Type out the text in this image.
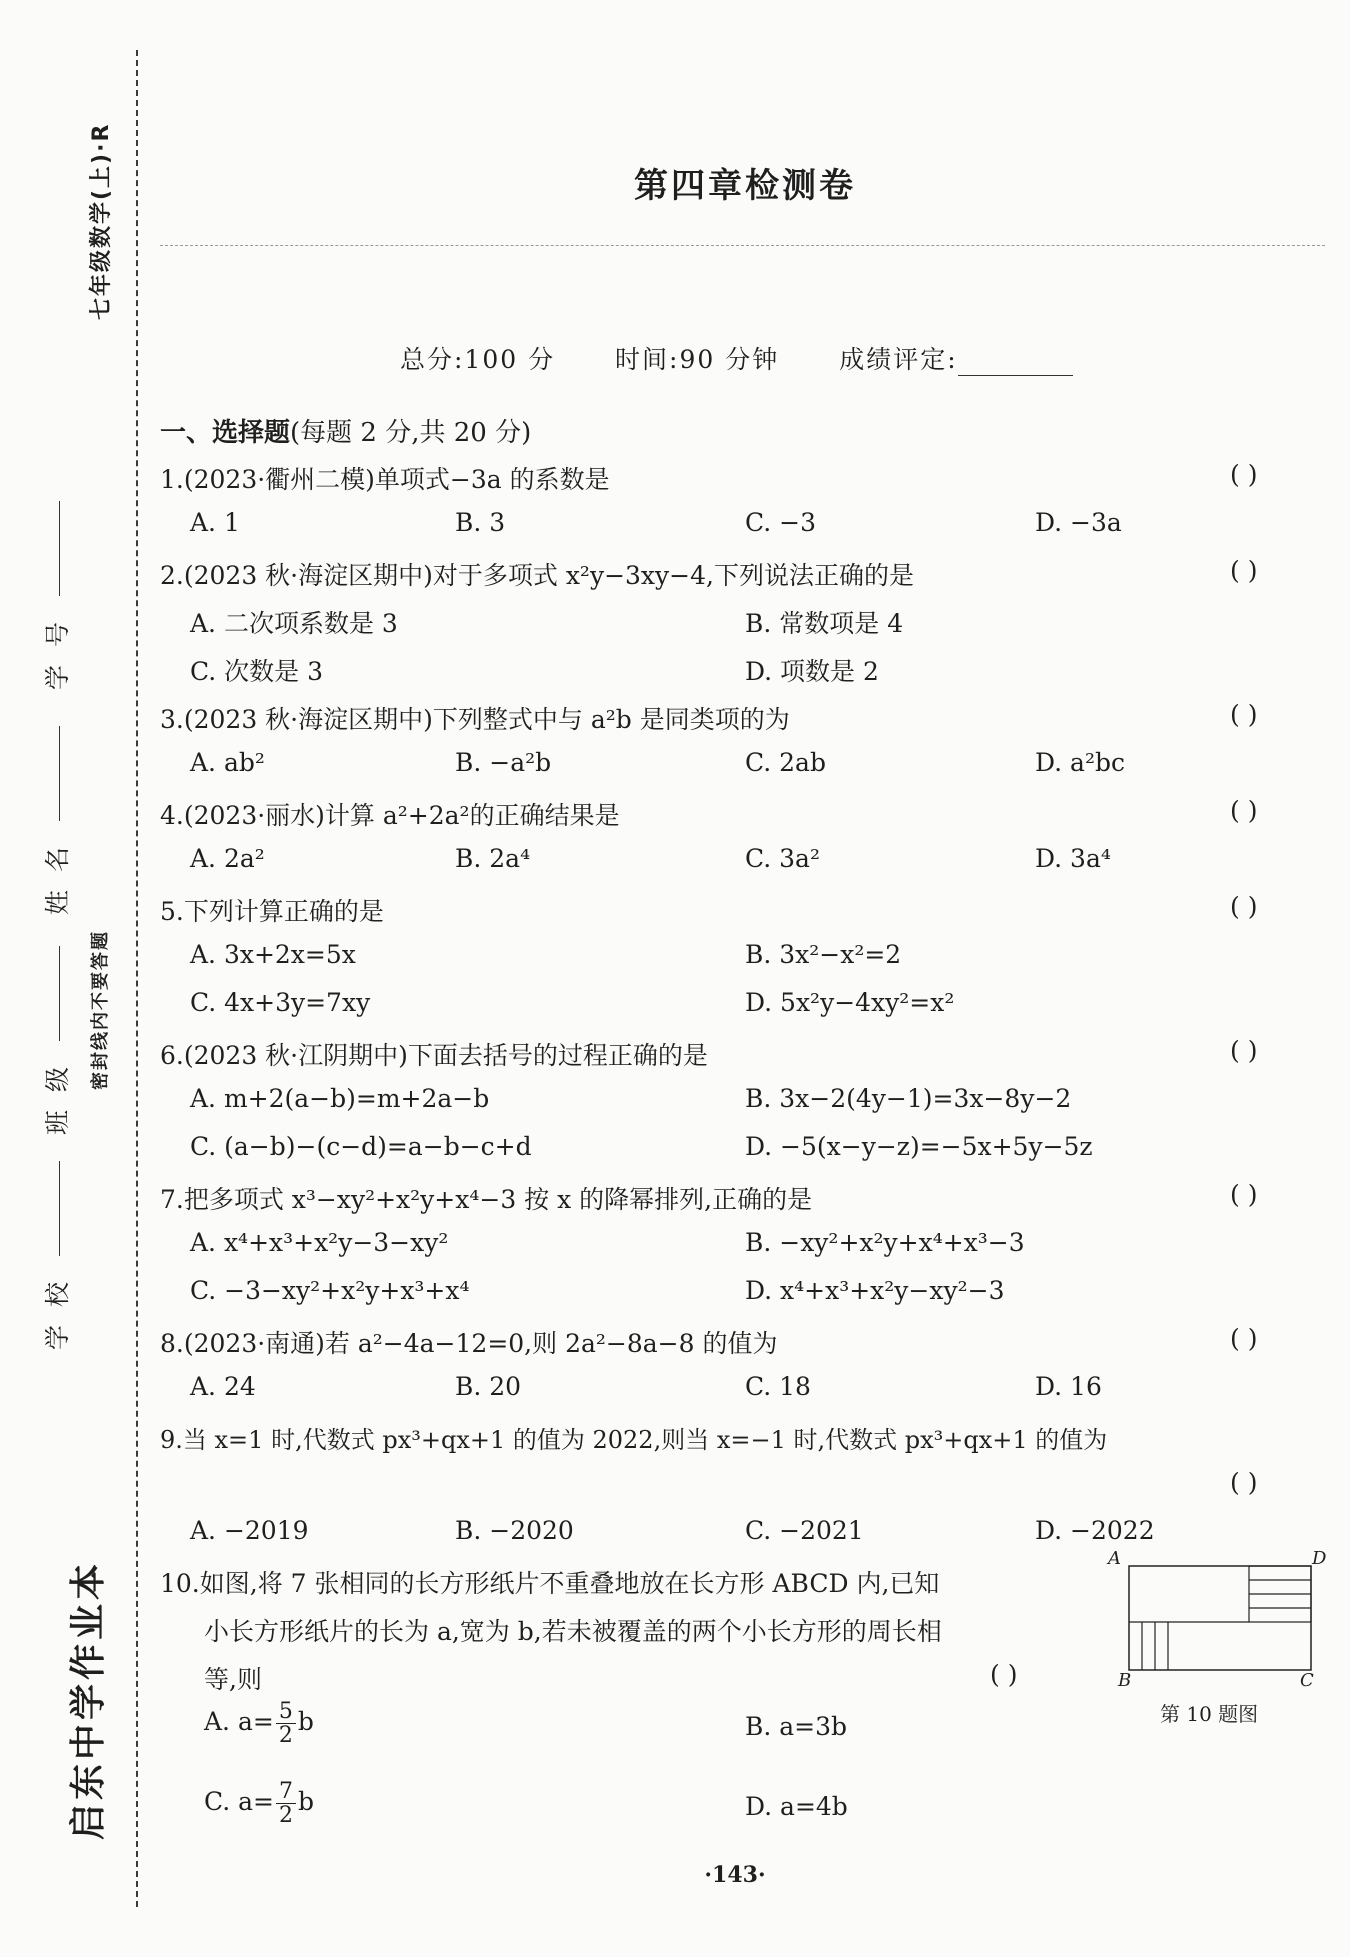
七年级数学(上)·R
学号
姓名
班级
学校
密封线内不要答题
启东中学作业本
第四章检测卷
总分:100 分 时间:90 分钟 成绩评定:
一、选择题(每题 2 分,共 20 分)
1.(2023·衢州二模)单项式−3a 的系数是	( )
A. 1	B. 3	C. −3	D. −3a
2.(2023 秋·海淀区期中)对于多项式 x²y−3xy−4,下列说法正确的是	( )
A. 二次项系数是 3	B. 常数项是 4
C. 次数是 3	D. 项数是 2
3.(2023 秋·海淀区期中)下列整式中与 a²b 是同类项的为	( )
A. ab²	B. −a²b	C. 2ab	D. a²bc
4.(2023·丽水)计算 a²+2a²的正确结果是	( )
A. 2a²	B. 2a⁴	C. 3a²	D. 3a⁴
5.下列计算正确的是	( )
A. 3x+2x=5x	B. 3x²−x²=2
C. 4x+3y=7xy	D. 5x²y−4xy²=x²
6.(2023 秋·江阴期中)下面去括号的过程正确的是	( )
A. m+2(a−b)=m+2a−b	B. 3x−2(4y−1)=3x−8y−2
C. (a−b)−(c−d)=a−b−c+d	D. −5(x−y−z)=−5x+5y−5z
7.把多项式 x³−xy²+x²y+x⁴−3 按 x 的降幂排列,正确的是	( )
A. x⁴+x³+x²y−3−xy²	B. −xy²+x²y+x⁴+x³−3
C. −3−xy²+x²y+x³+x⁴	D. x⁴+x³+x²y−xy²−3
8.(2023·南通)若 a²−4a−12=0,则 2a²−8a−8 的值为	( )
A. 24	B. 20	C. 18	D. 16
9.当 x=1 时,代数式 px³+qx+1 的值为 2022,则当 x=−1 时,代数式 px³+qx+1 的值为
( )
A. −2019	B. −2020	C. −2021	D. −2022
10.如图,将 7 张相同的长方形纸片不重叠地放在长方形 ABCD 内,已知
小长方形纸片的长为 a,宽为 b,若未被覆盖的两个小长方形的周长相
等,则	( )
A. $a= \frac{5}{2}$ b	B. a=3b
C. $a= \frac{7}{2}$ b	D. a=4b
A	D
B	C
第 10 题图
·143·
